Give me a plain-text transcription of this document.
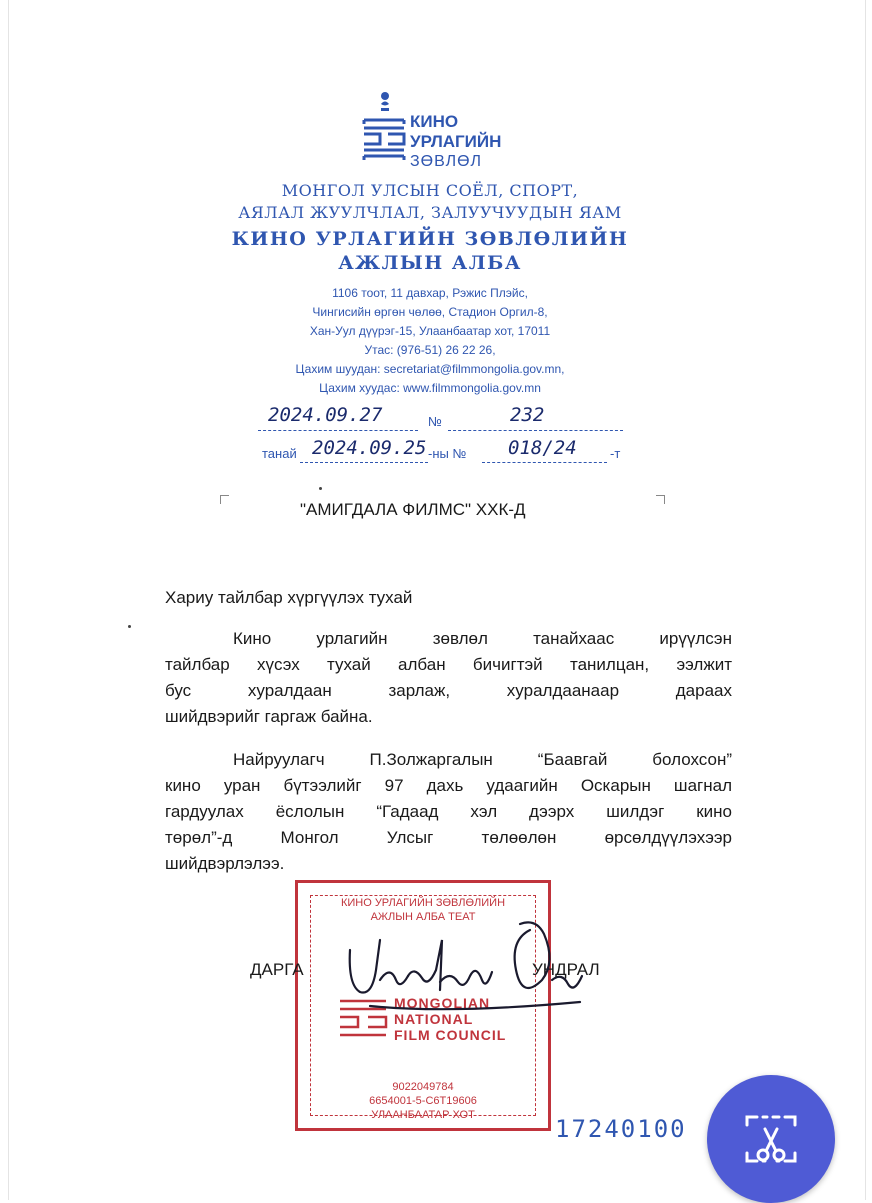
КИНО
УРЛАГИЙН
ЗӨВЛӨЛ
МОНГОЛ УЛСЫН СОЁЛ, СПОРТ,
АЯЛАЛ ЖУУЛЧЛАЛ, ЗАЛУУЧУУДЫН ЯАМ
КИНО УРЛАГИЙН ЗӨВЛӨЛИЙН
АЖЛЫН АЛБА
1106 тоот, 11 давхар, Рэжис Плэйс,
Чингисийн өргөн чөлөө, Стадион Оргил-8,
Хан-Уул дүүрэг-15, Улаанбаатар хот, 17011
Утас: (976-51) 26 22 26,
Цахим шуудан: secretariat@filmmongolia.gov.mn,
Цахим хуудас: www.filmmongolia.gov.mn
2024.09.27	№	232
танай 2024.09.25 -ны № 018/24	-т
"АМИГДАЛА ФИЛМС" ХХК-Д
Хариу тайлбар хүргүүлэх тухай
Кино урлагийн зөвлөл танайхаас ирүүлсэн
тайлбар хүсэх тухай албан бичигтэй танилцан, ээлжит
бус хуралдаан зарлаж, хуралдаанаар дараах
шийдвэрийг гаргаж байна.
Найруулагч П.Золжаргалын “Баавгай болохсон”
кино уран бүтээлийг 97 дахь удаагийн Оскарын шагнал
гардуулах ёслолын “Гадаад хэл дээрх шилдэг кино
төрөл”-д Монгол Улсыг төлөөлөн өрсөлдүүлэхээр
шийдвэрлэлээ.
КИНО УРЛАГИЙН ЗӨВЛӨЛИЙН
АЖЛЫН АЛБА ТЕАТ
MONGOLIAN
NATIONAL
FILM COUNCIL
9022049784
6654001-5-С6Т19606
УЛААНБААТАР ХОТ
ДАРГА	УНДРАЛ
17240100
